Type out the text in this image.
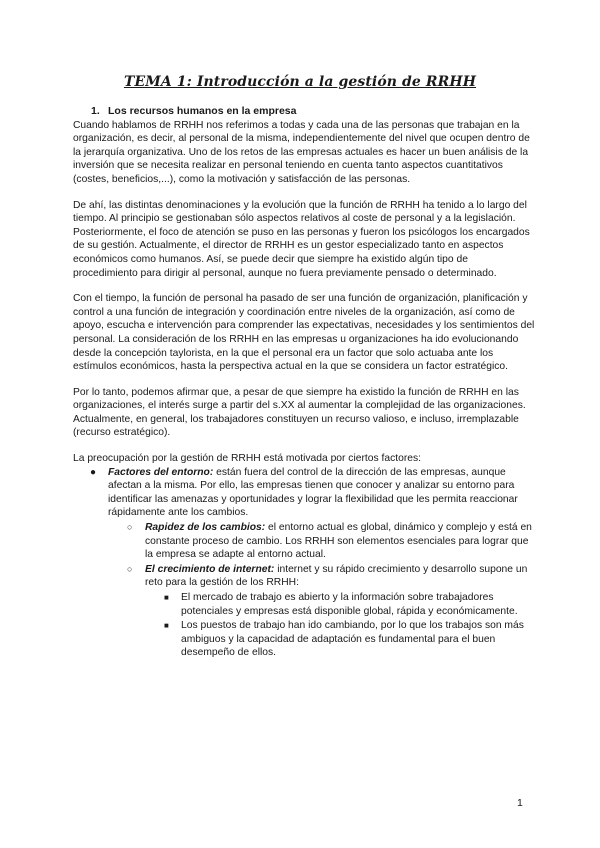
TEMA 1: Introducción a la gestión de RRHH
1. Los recursos humanos en la empresa

Cuando hablamos de RRHH nos referimos a todas y cada una de las personas que trabajan en la organización, es decir, al personal de la misma, independientemente del nivel que ocupen dentro de la jerarquía organizativa. Uno de los retos de las empresas actuales es hacer un buen análisis de la inversión que se necesita realizar en personal teniendo en cuenta tanto aspectos cuantitativos (costes, beneficios,...), como la motivación y satisfacción de las personas.

De ahí, las distintas denominaciones y la evolución que la función de RRHH ha tenido a lo largo del tiempo. Al principio se gestionaban sólo aspectos relativos al coste de personal y a la legislación. Posteriormente, el foco de atención se puso en las personas y fueron los psicólogos los encargados de su gestión. Actualmente, el director de RRHH es un gestor especializado tanto en aspectos económicos como humanos. Así, se puede decir que siempre ha existido algún tipo de procedimiento para dirigir al personal, aunque no fuera previamente pensado o determinado.

Con el tiempo, la función de personal ha pasado de ser una función de organización, planificación y control a una función de integración y coordinación entre niveles de la organización, así como de apoyo, escucha e intervención para comprender las expectativas, necesidades y los sentimientos del personal. La consideración de los RRHH en las empresas u organizaciones ha ido evolucionando desde la concepción taylorista, en la que el personal era un factor que solo actuaba ante los estímulos económicos, hasta la perspectiva actual en la que se considera un factor estratégico.

Por lo tanto, podemos afirmar que, a pesar de que siempre ha existido la función de RRHH en las organizaciones, el interés surge a partir del s.XX al aumentar la complejidad de las organizaciones. Actualmente, en general, los trabajadores constituyen un recurso valioso, e incluso, irremplazable (recurso estratégico).

La preocupación por la gestión de RRHH está motivada por ciertos factores:

● Factores del entorno: están fuera del control de la dirección de las empresas, aunque afectan a la misma. Por ello, las empresas tienen que conocer y analizar su entorno para identificar las amenazas y oportunidades y lograr la flexibilidad que les permita reaccionar rápidamente ante los cambios.
○ Rapidez de los cambios: el entorno actual es global, dinámico y complejo y está en constante proceso de cambio. Los RRHH son elementos esenciales para lograr que la empresa se adapte al entorno actual.
○ El crecimiento de internet: internet y su rápido crecimiento y desarrollo supone un reto para la gestión de los RRHH:
■ El mercado de trabajo es abierto y la información sobre trabajadores potenciales y empresas está disponible global, rápida y económicamente.
■ Los puestos de trabajo han ido cambiando, por lo que los trabajos son más ambiguos y la capacidad de adaptación es fundamental para el buen desempeño de ellos.
1
